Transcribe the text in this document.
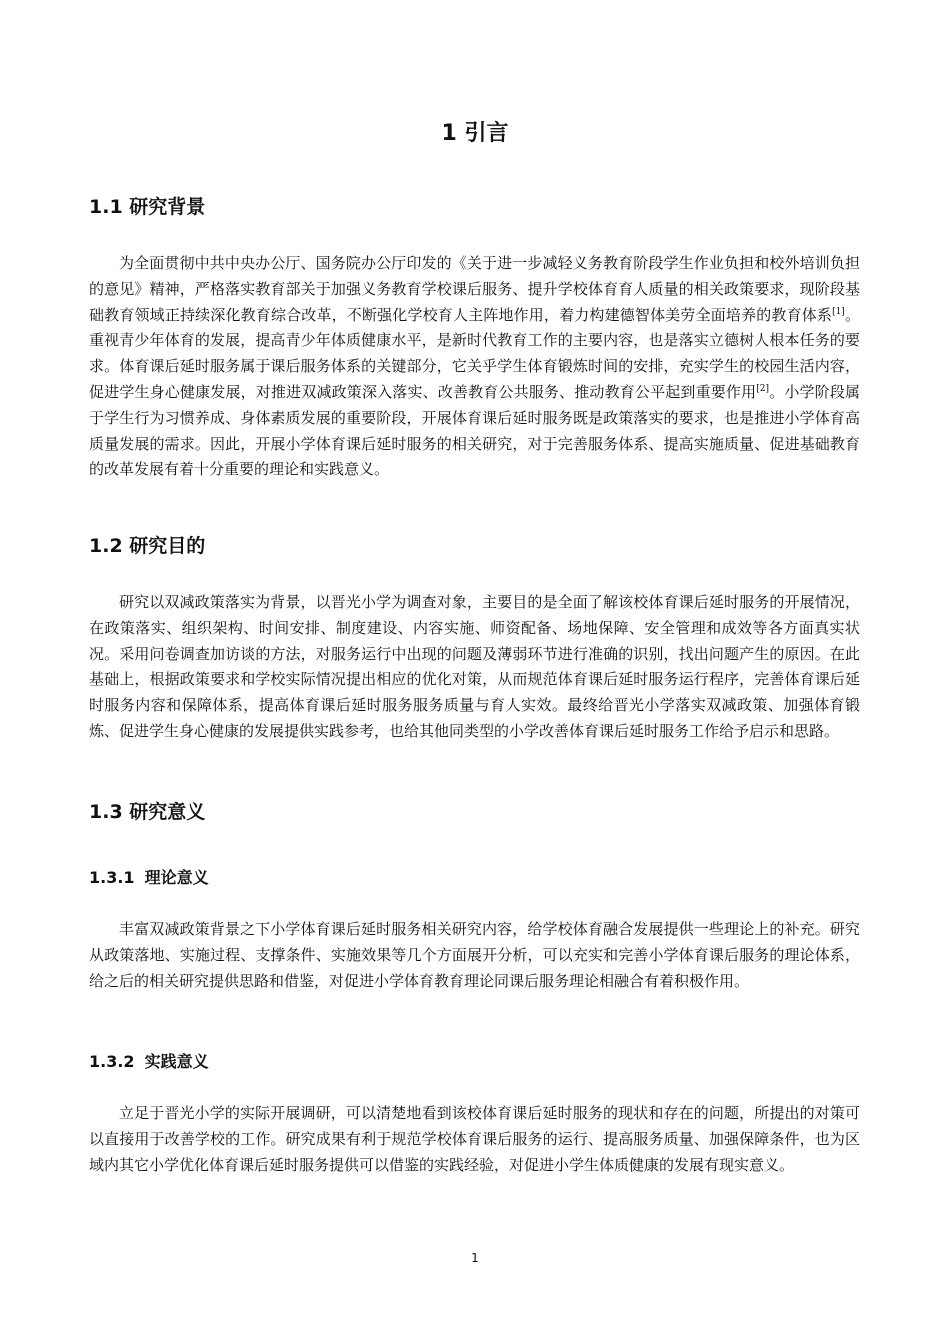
1 引言
1.1 研究背景

为全面贯彻中共中央办公厅、国务院办公厅印发的《关于进一步减轻义务教育阶段学生作业负担和校外培训负担的意见》精神，严格落实教育部关于加强义务教育学校课后服务、提升学校体育育人质量的相关政策要求，现阶段基础教育领域正持续深化教育综合改革，不断强化学校育人主阵地作用，着力构建德智体美劳全面培养的教育体系[1]。重视青少年体育的发展，提高青少年体质健康水平，是新时代教育工作的主要内容，也是落实立德树人根本任务的要求。体育课后延时服务属于课后服务体系的关键部分，它关乎学生体育锻炼时间的安排，充实学生的校园生活内容，促进学生身心健康发展，对推进双减政策深入落实、改善教育公共服务、推动教育公平起到重要作用[2]。小学阶段属于学生行为习惯养成、身体素质发展的重要阶段，开展体育课后延时服务既是政策落实的要求，也是推进小学体育高质量发展的需求。因此，开展小学体育课后延时服务的相关研究，对于完善服务体系、提高实施质量、促进基础教育的改革发展有着十分重要的理论和实践意义。

1.2 研究目的

研究以双减政策落实为背景，以晋光小学为调查对象，主要目的是全面了解该校体育课后延时服务的开展情况，在政策落实、组织架构、时间安排、制度建设、内容实施、师资配备、场地保障、安全管理和成效等各方面真实状况。采用问卷调查加访谈的方法，对服务运行中出现的问题及薄弱环节进行准确的识别，找出问题产生的原因。在此基础上，根据政策要求和学校实际情况提出相应的优化对策，从而规范体育课后延时服务运行程序，完善体育课后延时服务内容和保障体系，提高体育课后延时服务服务质量与育人实效。最终给晋光小学落实双减政策、加强体育锻炼、促进学生身心健康的发展提供实践参考，也给其他同类型的小学改善体育课后延时服务工作给予启示和思路。

1.3 研究意义
1.3.1 理论意义

丰富双减政策背景之下小学体育课后延时服务相关研究内容，给学校体育融合发展提供一些理论上的补充。研究从政策落地、实施过程、支撑条件、实施效果等几个方面展开分析，可以充实和完善小学体育课后服务的理论体系，给之后的相关研究提供思路和借鉴，对促进小学体育教育理论同课后服务理论相融合有着积极作用。

1.3.2 实践意义

立足于晋光小学的实际开展调研，可以清楚地看到该校体育课后延时服务的现状和存在的问题，所提出的对策可以直接用于改善学校的工作。研究成果有利于规范学校体育课后服务的运行、提高服务质量、加强保障条件，也为区域内其它小学优化体育课后延时服务提供可以借鉴的实践经验，对促进小学生体质健康的发展有现实意义。

1
